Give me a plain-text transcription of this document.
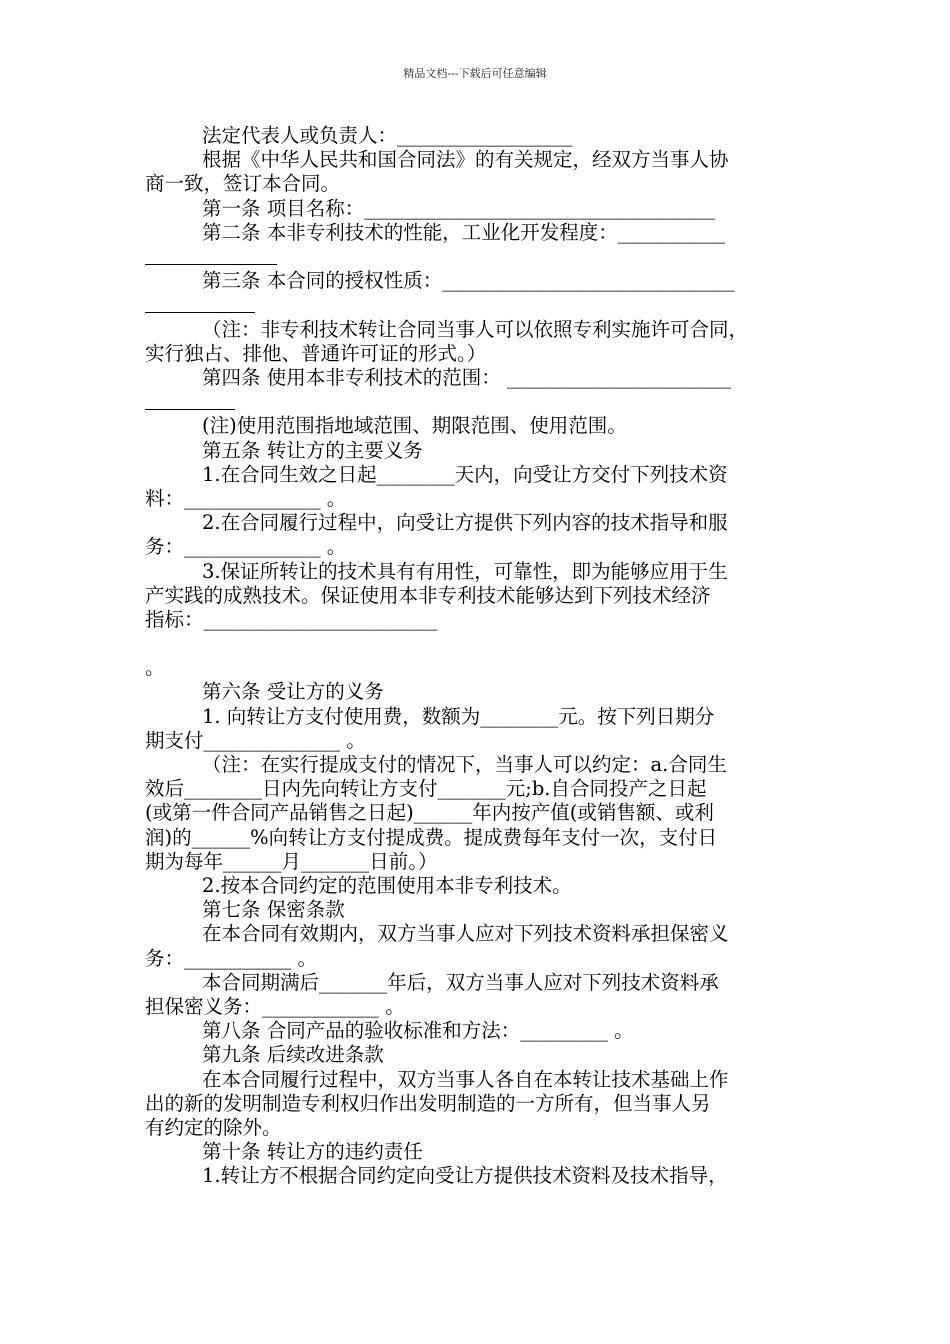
精品文档---下载后可任意编辑

法定代表人或负责人：__________________

根据《中华人民共和国合同法》的有关规定，经双方当事人协

商一致，签订本合同。

第一条 项目名称：____________________________________

第二条 本非专利技术的性能，工业化开发程度：___________

第三条 本合同的授权性质：______________________________

（注：非专利技术转让合同当事人可以依照专利实施许可合同，

实行独占、排他、普通许可证的形式。）

第四条 使用本非专利技术的范围： _______________________

(注)使用范围指地域范围、期限范围、使用范围。

第五条 转让方的主要义务

1.在合同生效之日起________天内，向受让方交付下列技术资

料：______________ 。

2.在合同履行过程中，向受让方提供下列内容的技术指导和服

务：______________ 。

3.保证所转让的技术具有有用性，可靠性，即为能够应用于生

产实践的成熟技术。保证使用本非专利技术能够达到下列技术经济

指标：________________________

。

第六条 受让方的义务

1. 向转让方支付使用费，数额为________元。按下列日期分

期支付______________ 。

（注：在实行提成支付的情况下，当事人可以约定：a.合同生

效后________日内先向转让方支付_______元;b.自合同投产之日起

(或第一件合同产品销售之日起)______年内按产值(或销售额、或利

润)的______%向转让方支付提成费。提成费每年支付一次，支付日

期为每年______月_______日前。）

2.按本合同约定的范围使用本非专利技术。

第七条 保密条款

在本合同有效期内，双方当事人应对下列技术资料承担保密义

务：___________ 。

本合同期满后_______年后，双方当事人应对下列技术资料承

担保密义务：____________ 。

第八条 合同产品的验收标准和方法：_________ 。

第九条 后续改进条款

在本合同履行过程中，双方当事人各自在本转让技术基础上作

出的新的发明制造专利权归作出发明制造的一方所有，但当事人另

有约定的除外。

第十条 转让方的违约责任

1.转让方不根据合同约定向受让方提供技术资料及技术指导，
